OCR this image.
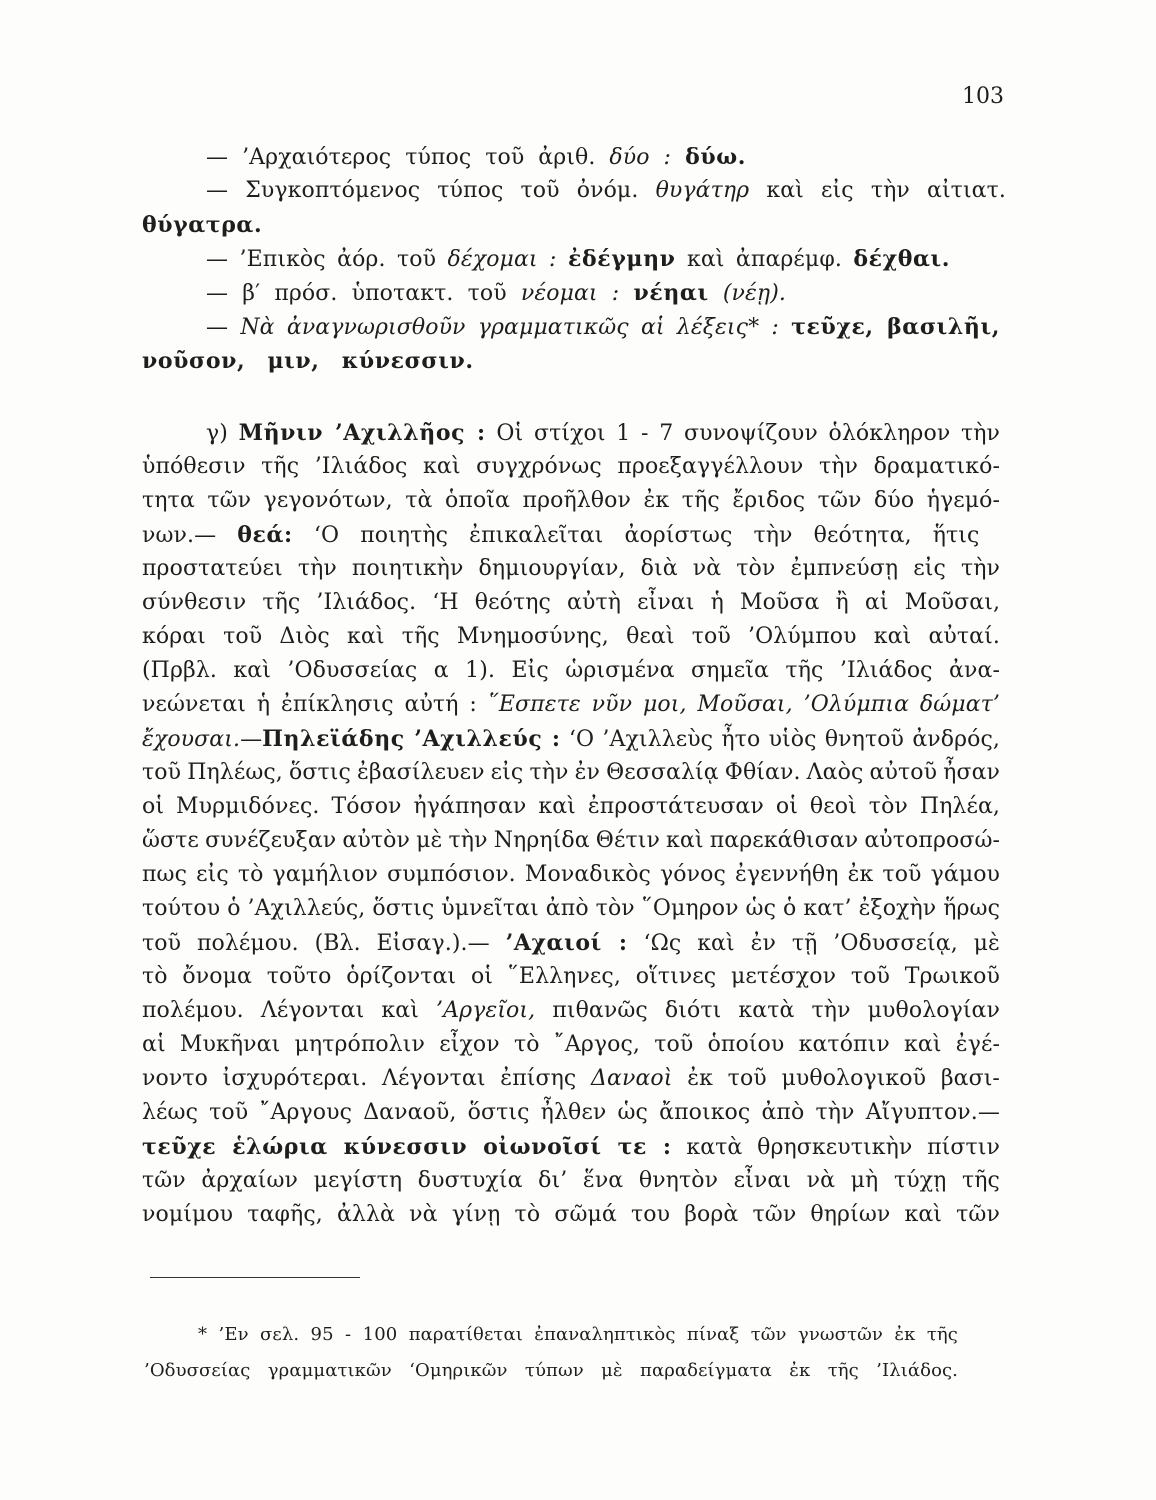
103
— ’Αρχαιότερος τύπος τοῦ ἀριθ. δύο : δύω.
— Συγκοπτόμενος τύπος τοῦ ὀνόμ. θυγάτηρ καὶ εἰς τὴν αἰτιατ.
θύγατρα.
— ’Επικὸς ἀόρ. τοῦ δέχομαι : ἐδέγμην καὶ ἀπαρέμφ. δέχθαι.
— β′ πρόσ. ὑποτακτ. τοῦ νέομαι : νέηαι (νέῃ).
— Νὰ ἀναγνωρισθοῦν γραμματικῶς αἱ λέξεις* : τεῦχε, βασιλῆι,
νοῦσον, μιν, κύνεσσιν.
γ) Μῆνιν ’Αχιλλῆος : Οἱ στίχοι 1 - 7 συνοψίζουν ὁλόκληρον τὴν
ὑπόθεσιν τῆς ’Ιλιάδος καὶ συγχρόνως προεξαγγέλλουν τὴν δραματικό-
τητα τῶν γεγονότων, τὰ ὁποῖα προῆλθον ἐκ τῆς ἔριδος τῶν δύο ἡγεμό-
νων.— θεά: ‘Ο ποιητὴς ἐπικαλεῖται ἀορίστως τὴν θεότητα, ἥτις
προστατεύει τὴν ποιητικὴν δημιουργίαν, διὰ νὰ τὸν ἐμπνεύσῃ εἰς τὴν
σύνθεσιν τῆς ’Ιλιάδος. ‘Η θεότης αὐτὴ εἶναι ἡ Μοῦσα ἢ αἱ Μοῦσαι,
κόραι τοῦ Διὸς καὶ τῆς Μνημοσύνης, θεαὶ τοῦ ’Ολύμπου καὶ αὐταί.
(Πρβλ. καὶ ’Οδυσσείας α 1). Εἰς ὡρισμένα σημεῖα τῆς ’Ιλιάδος ἀνα-
νεώνεται ἡ ἐπίκλησις αὐτή : ῞Εσπετε νῦν μοι, Μοῦσαι, ’Ολύμπια δώματ’
ἔχουσαι.—Πηλεϊάδης ’Αχιλλεύς : ‘Ο ’Αχιλλεὺς ἦτο υἱὸς θνητοῦ ἀνδρός,
τοῦ Πηλέως, ὅστις ἐβασίλευεν εἰς τὴν ἐν Θεσσαλίᾳ Φθίαν. Λαὸς αὐτοῦ ἦσαν
οἱ Μυρμιδόνες. Τόσον ἠγάπησαν καὶ ἐπροστάτευσαν οἱ θεοὶ τὸν Πηλέα,
ὥστε συνέζευξαν αὐτὸν μὲ τὴν Νηρηίδα Θέτιν καὶ παρεκάθισαν αὐτοπροσώ-
πως εἰς τὸ γαμήλιον συμπόσιον. Μοναδικὸς γόνος ἐγεννήθη ἐκ τοῦ γάμου
τούτου ὁ ’Αχιλλεύς, ὅστις ὑμνεῖται ἀπὸ τὸν ῞Ομηρον ὡς ὁ κατ’ ἐξοχὴν ἥρως
τοῦ πολέμου. (Βλ. Εἰσαγ.).— ’Αχαιοί : ‘Ως καὶ ἐν τῇ ’Οδυσσείᾳ, μὲ
τὸ ὄνομα τοῦτο ὁρίζονται οἱ ῞Ελληνες, οἵτινες μετέσχον τοῦ Τρωικοῦ
πολέμου. Λέγονται καὶ ’Αργεῖοι, πιθανῶς διότι κατὰ τὴν μυθολογίαν
αἱ Μυκῆναι μητρόπολιν εἶχον τὸ ῎Αργος, τοῦ ὁποίου κατόπιν καὶ ἐγέ-
νοντο ἰσχυρότεραι. Λέγονται ἐπίσης Δαναοὶ ἐκ τοῦ μυθολογικοῦ βασι-
λέως τοῦ ῎Αργους Δαναοῦ, ὅστις ἦλθεν ὡς ἄποικος ἀπὸ τὴν Αἴγυπτον.—
τεῦχε ἑλώρια κύνεσσιν οἰωνοῖσί τε : κατὰ θρησκευτικὴν πίστιν
τῶν ἀρχαίων μεγίστη δυστυχία δι’ ἕνα θνητὸν εἶναι νὰ μὴ τύχῃ τῆς
νομίμου ταφῆς, ἀλλὰ νὰ γίνῃ τὸ σῶμά του βορὰ τῶν θηρίων καὶ τῶν
* ’Εν σελ. 95 - 100 παρατίθεται ἐπαναληπτικὸς πίναξ τῶν γνωστῶν ἐκ τῆς
’Οδυσσείας γραμματικῶν ‘Ομηρικῶν τύπων μὲ παραδείγματα ἐκ τῆς ’Ιλιάδος.
